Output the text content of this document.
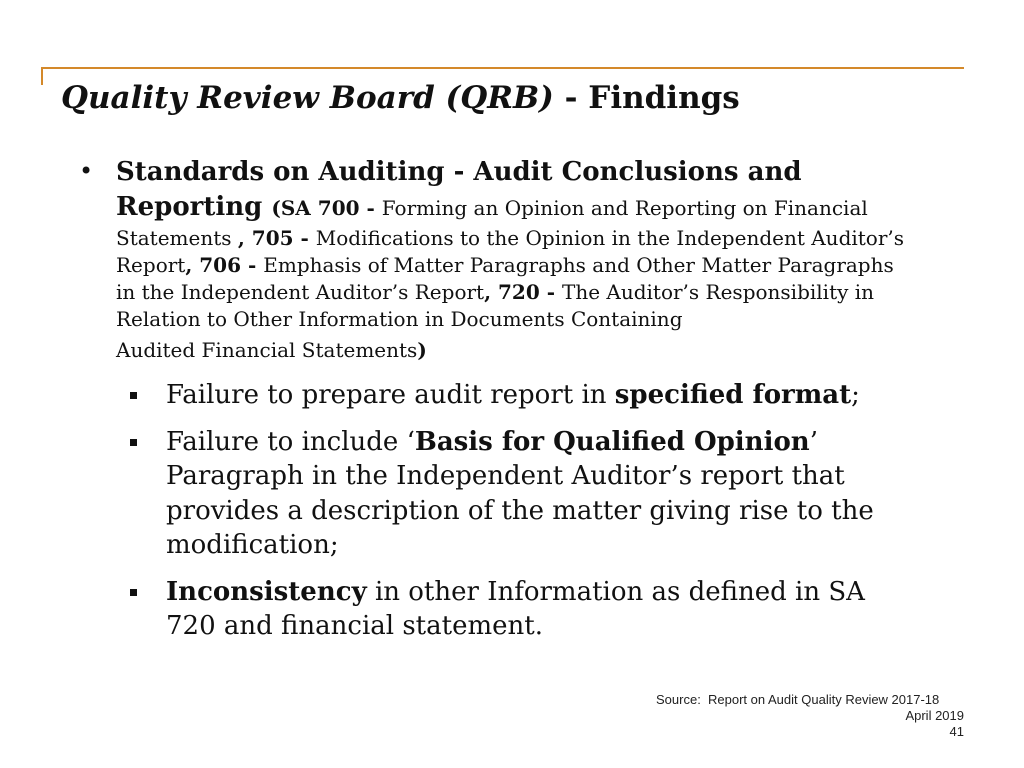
Quality Review Board (QRB) - Findings
• Standards on Auditing - Audit Conclusions and Reporting (SA 700 - Forming an Opinion and Reporting on Financial Statements , 705 - Modifications to the Opinion in the Independent Auditor’s Report, 706 - Emphasis of Matter Paragraphs and Other Matter Paragraphs in the Independent Auditor’s Report, 720 - The Auditor’s Responsibility in Relation to Other Information in Documents Containing
Audited Financial Statements)
Failure to prepare audit report in specified format;
Failure to include ‘Basis for Qualified Opinion’ Paragraph in the Independent Auditor’s report that provides a description of the matter giving rise to the modification;
Inconsistency in other Information as defined in SA 720 and financial statement.
Source:  Report on Audit Quality Review 2017-18
April 2019
41
